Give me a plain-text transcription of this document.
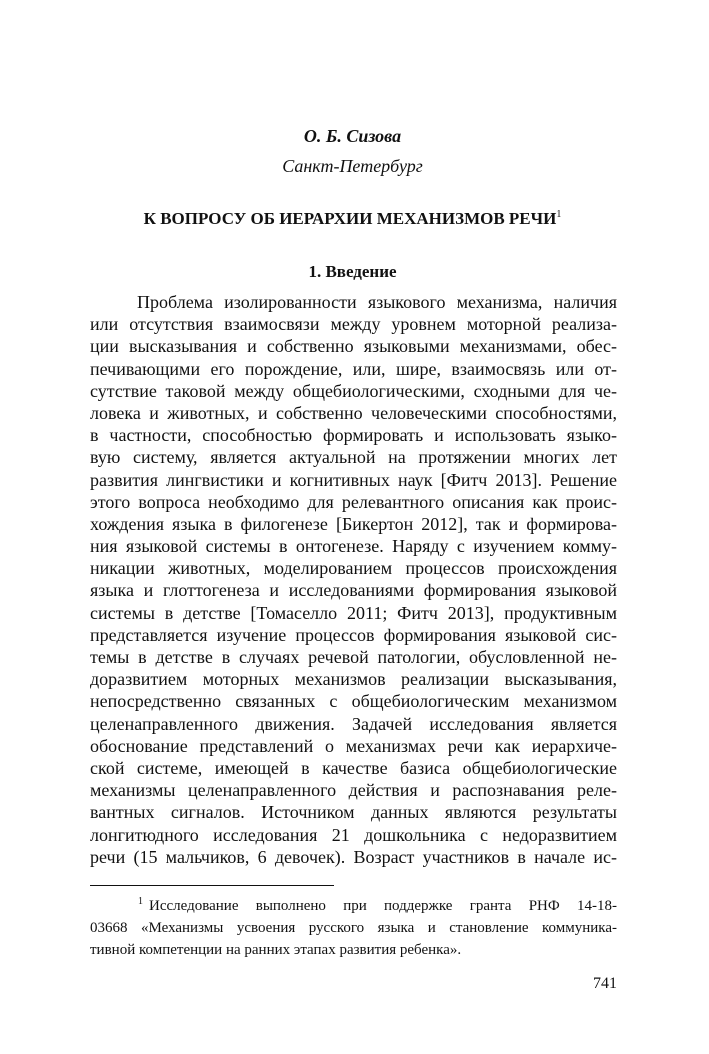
О. Б. Сизова
Санкт-Петербург
К ВОПРОСУ ОБ ИЕРАРХИИ МЕХАНИЗМОВ РЕЧИ$^1$
1. Введение
Проблема изолированности языкового механизма, наличия
или отсутствия взаимосвязи между уровнем моторной реализа-
ции высказывания и собственно языковыми механизмами, обес-
печивающими его порождение, или, шире, взаимосвязь или от-
сутствие таковой между общебиологическими, сходными для че-
ловека и животных, и собственно человеческими способностями,
в частности, способностью формировать и использовать языко-
вую систему, является актуальной на протяжении многих лет
развития лингвистики и когнитивных наук [Фитч 2013]. Решение
этого вопроса необходимо для релевантного описания как проис-
хождения языка в филогенезе [Бикертон 2012], так и формирова-
ния языковой системы в онтогенезе. Наряду с изучением комму-
никации животных, моделированием процессов происхождения
языка и глоттогенеза и исследованиями формирования языковой
системы в детстве [Томаселло 2011; Фитч 2013], продуктивным
представляется изучение процессов формирования языковой сис-
темы в детстве в случаях речевой патологии, обусловленной не-
доразвитием моторных механизмов реализации высказывания,
непосредственно связанных с общебиологическим механизмом
целенаправленного движения. Задачей исследования является
обоснование представлений о механизмах речи как иерархиче-
ской системе, имеющей в качестве базиса общебиологические
механизмы целенаправленного действия и распознавания реле-
вантных сигналов. Источником данных являются результаты
лонгитюдного исследования 21 дошкольника с недоразвитием
речи (15 мальчиков, 6 девочек). Возраст участников в начале ис-
$^1$ Исследование выполнено при поддержке гранта РНФ 14-18-
03668 «Механизмы усвоения русского языка и становление коммуника-
тивной компетенции на ранних этапах развития ребенка».
741
